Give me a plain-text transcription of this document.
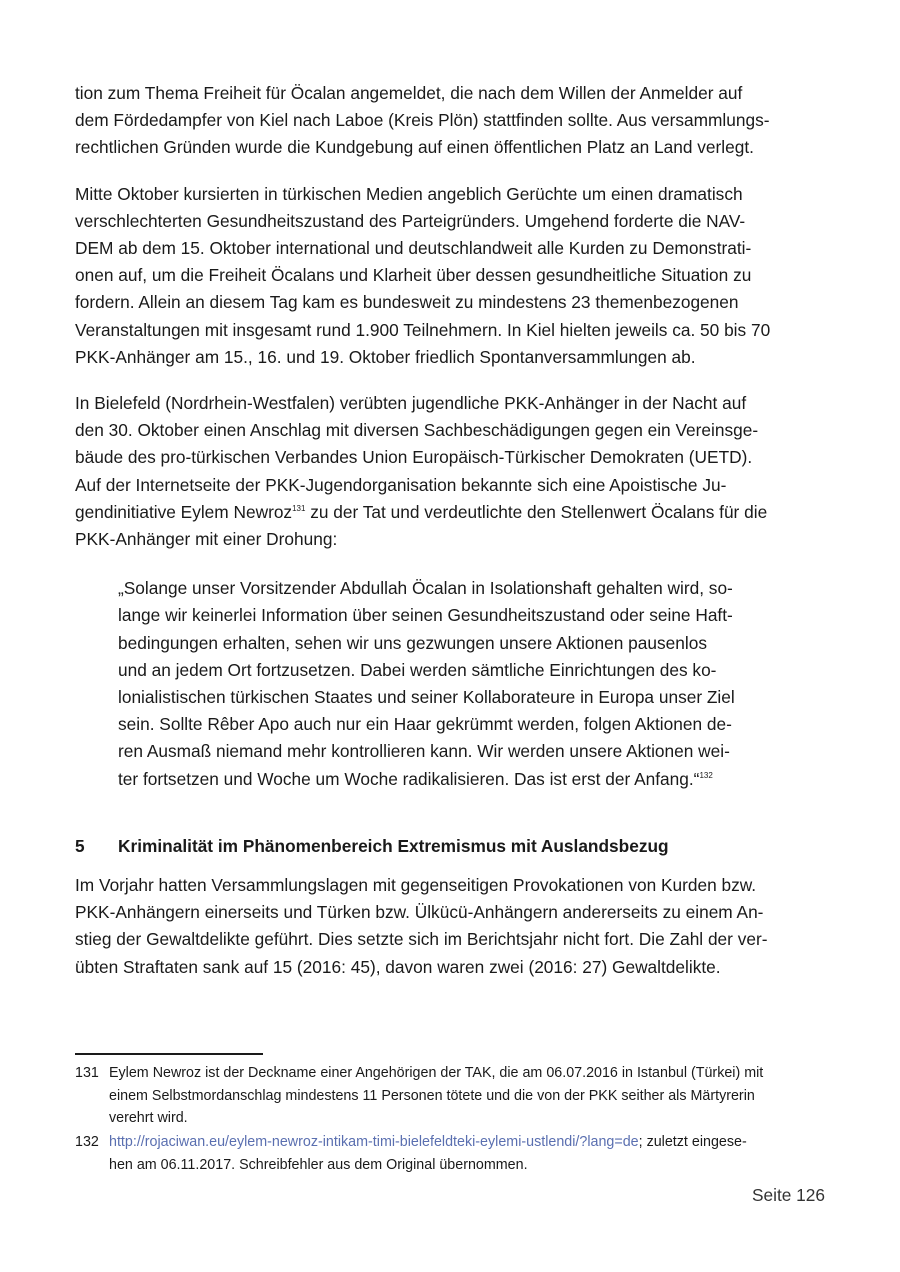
tion zum Thema Freiheit für Öcalan angemeldet, die nach dem Willen der Anmelder auf
dem Fördedampfer von Kiel nach Laboe (Kreis Plön) stattfinden sollte. Aus versammlungs-
rechtlichen Gründen wurde die Kundgebung auf einen öffentlichen Platz an Land verlegt.

Mitte Oktober kursierten in türkischen Medien angeblich Gerüchte um einen dramatisch
verschlechterten Gesundheitszustand des Parteigründers. Umgehend forderte die NAV-
DEM ab dem 15. Oktober international und deutschlandweit alle Kurden zu Demonstrati-
onen auf, um die Freiheit Öcalans und Klarheit über dessen gesundheitliche Situation zu
fordern. Allein an diesem Tag kam es bundesweit zu mindestens 23 themenbezogenen
Veranstaltungen mit insgesamt rund 1.900 Teilnehmern. In Kiel hielten jeweils ca. 50 bis 70
PKK-Anhänger am 15., 16. und 19. Oktober friedlich Spontanversammlungen ab.

In Bielefeld (Nordrhein-Westfalen) verübten jugendliche PKK-Anhänger in der Nacht auf
den 30. Oktober einen Anschlag mit diversen Sachbeschädigungen gegen ein Vereinsge-
bäude des pro-türkischen Verbandes Union Europäisch-Türkischer Demokraten (UETD).
Auf der Internetseite der PKK-Jugendorganisation bekannte sich eine Apoistische Ju-
gendinitiative Eylem Newroz$^{131}$ zu der Tat und verdeutlichte den Stellenwert Öcalans für die
PKK-Anhänger mit einer Drohung:

„Solange unser Vorsitzender Abdullah Öcalan in Isolationshaft gehalten wird, so-
lange wir keinerlei Information über seinen Gesundheitszustand oder seine Haft-
bedingungen erhalten, sehen wir uns gezwungen unsere Aktionen pausenlos
und an jedem Ort fortzusetzen. Dabei werden sämtliche Einrichtungen des ko-
lonialistischen türkischen Staates und seiner Kollaborateure in Europa unser Ziel
sein. Sollte Rêber Apo auch nur ein Haar gekrümmt werden, folgen Aktionen de-
ren Ausmaß niemand mehr kontrollieren kann. Wir werden unsere Aktionen wei-
ter fortsetzen und Woche um Woche radikalisieren. Das ist erst der Anfang.“$^{132}$
5	Kriminalität im Phänomenbereich Extremismus mit Auslandsbezug

Im Vorjahr hatten Versammlungslagen mit gegenseitigen Provokationen von Kurden bzw.
PKK-Anhängern einerseits und Türken bzw. Ülkücü-Anhängern andererseits zu einem An-
stieg der Gewaltdelikte geführt. Dies setzte sich im Berichtsjahr nicht fort. Die Zahl der ver-
übten Straftaten sank auf 15 (2016: 45), davon waren zwei (2016: 27) Gewaltdelikte.

131 Eylem Newroz ist der Deckname einer Angehörigen der TAK, die am 06.07.2016 in Istanbul (Türkei) mit
einem Selbstmordanschlag mindestens 11 Personen tötete und die von der PKK seither als Märtyrerin
verehrt wird.
132 http://rojaciwan.eu/eylem-newroz-intikam-timi-bielefeldteki-eylemi-ustlendi/?lang=de; zuletzt eingese-
hen am 06.11.2017. Schreibfehler aus dem Original übernommen.
Seite 126
